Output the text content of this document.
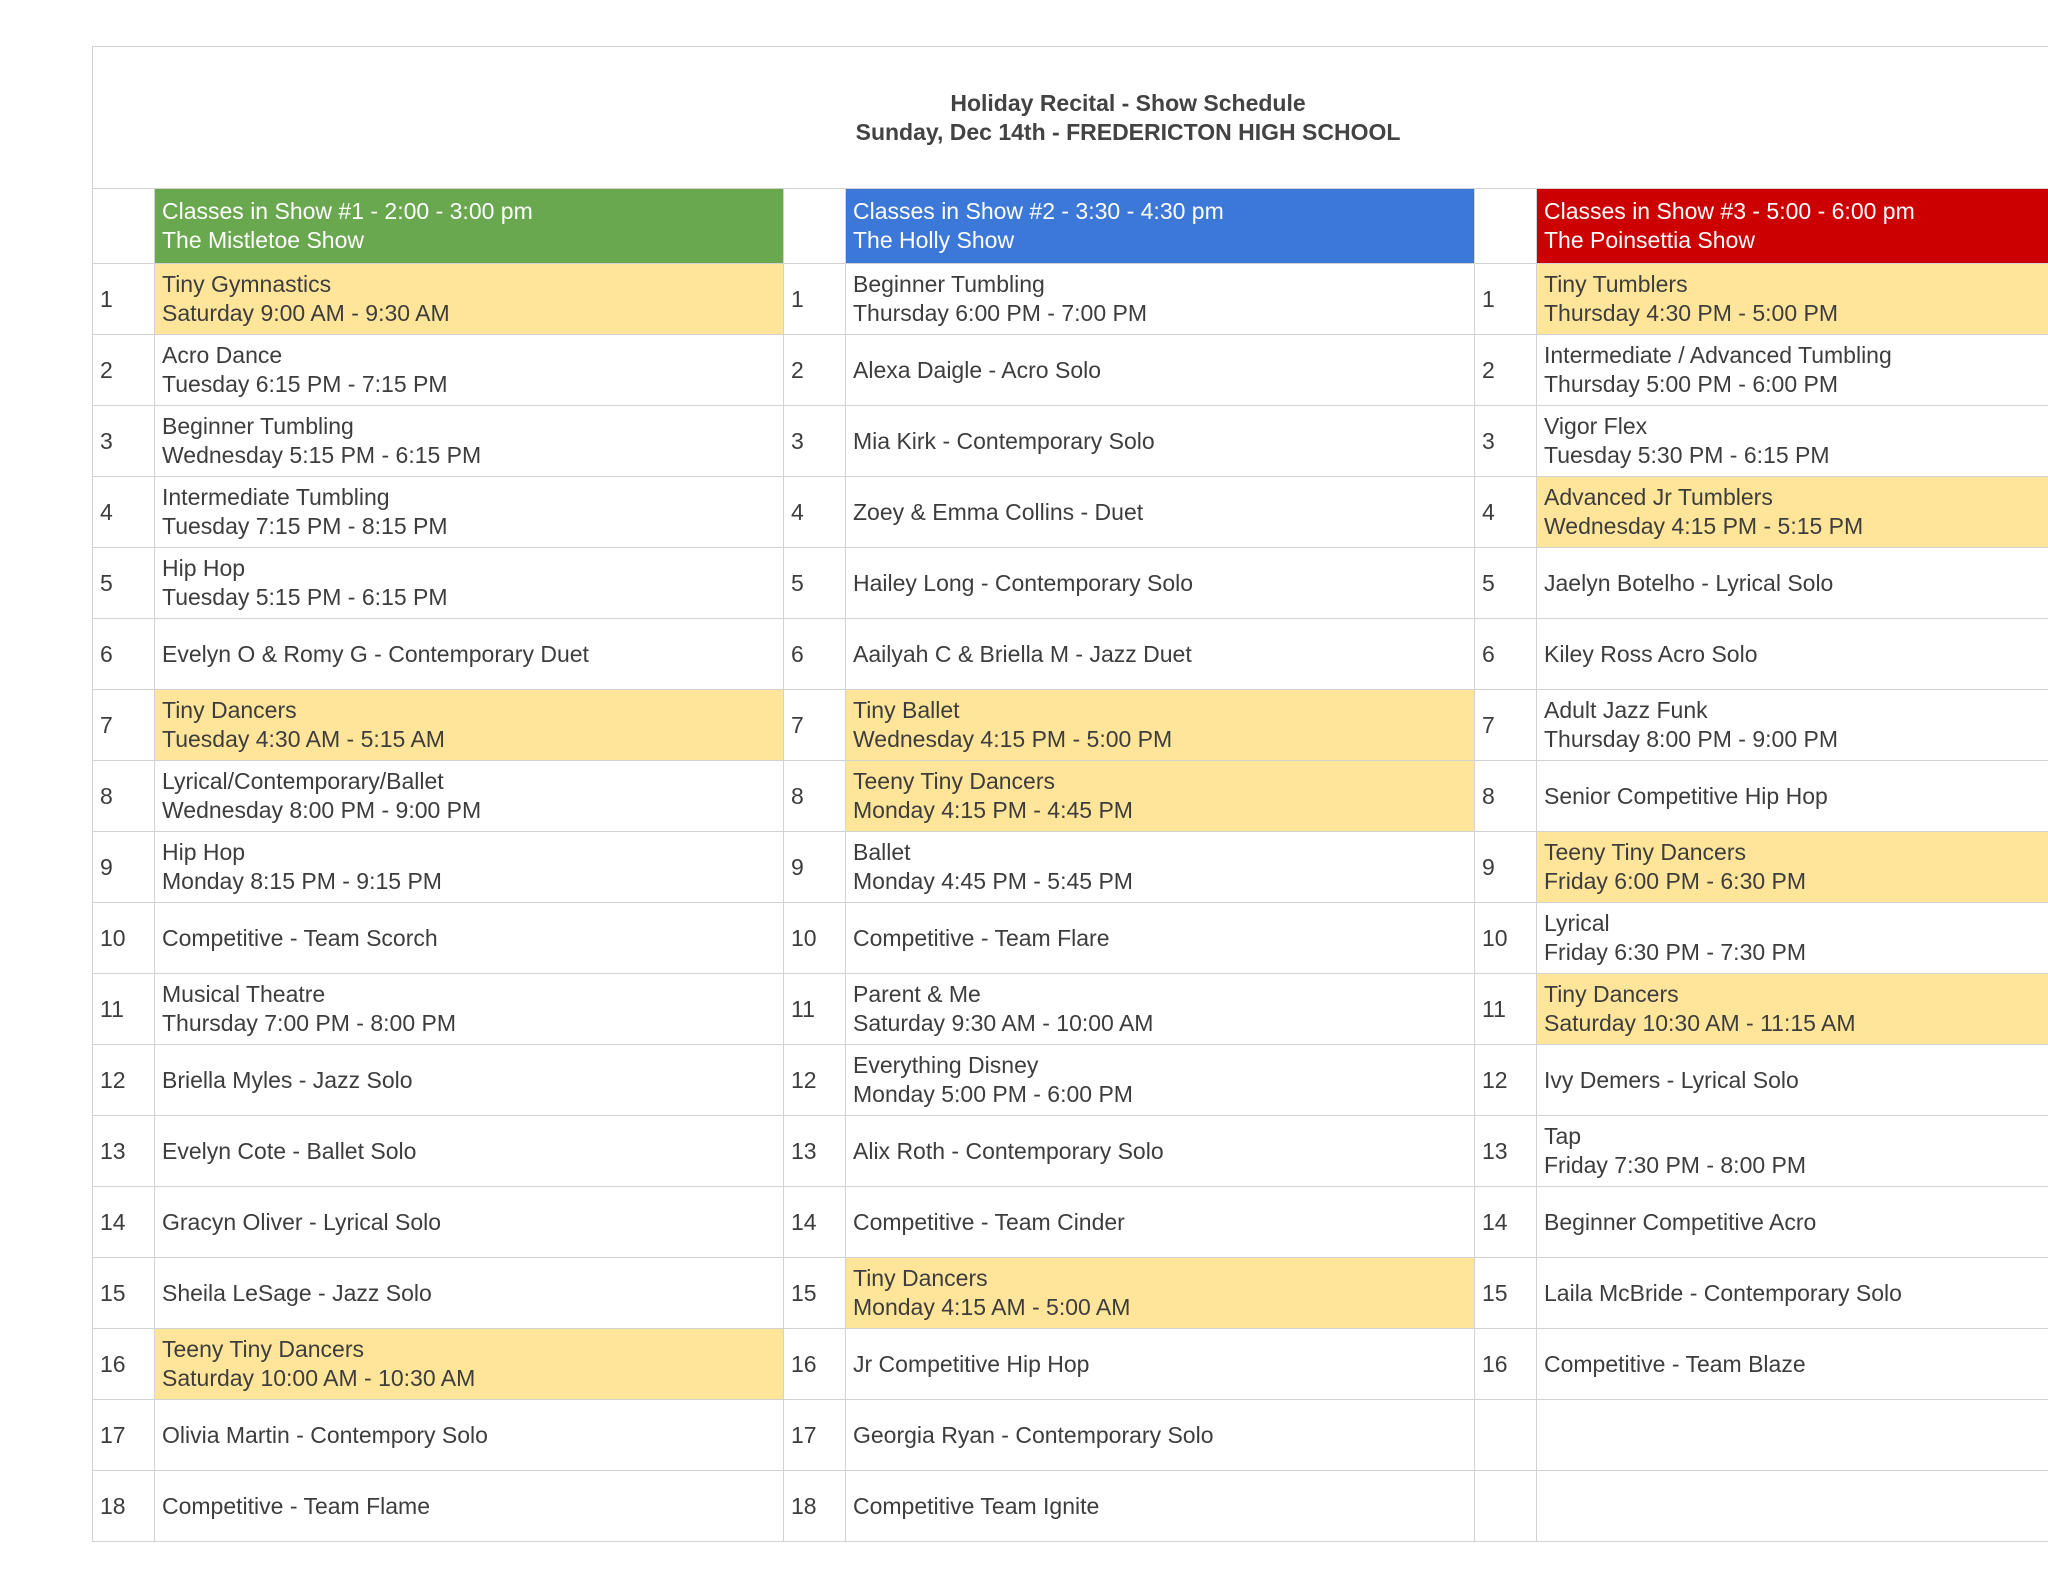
Holiday Recital - Show Schedule
Sunday, Dec 14th - FREDERICTON HIGH SCHOOL					

	Classes in Show #1 - 2:00 - 3:00 pm
The Mistletoe Show		Classes in Show #2 - 3:30 - 4:30 pm
The Holly Show		Classes in Show #3 - 5:00 - 6:00 pm
The Poinsettia Show

1	Tiny Gymnastics
Saturday 9:00 AM - 9:30 AM	1	Beginner Tumbling
Thursday 6:00 PM - 7:00 PM	1	Tiny Tumblers
Thursday 4:30 PM - 5:00 PM

2	Acro Dance
Tuesday 6:15 PM - 7:15 PM	2	Alexa Daigle - Acro Solo	2	Intermediate / Advanced Tumbling
Thursday 5:00 PM - 6:00 PM

3	Beginner Tumbling
Wednesday 5:15 PM - 6:15 PM	3	Mia Kirk - Contemporary Solo	3	Vigor Flex
Tuesday 5:30 PM - 6:15 PM

4	Intermediate Tumbling
Tuesday 7:15 PM - 8:15 PM	4	Zoey & Emma Collins - Duet	4	Advanced Jr Tumblers
Wednesday 4:15 PM - 5:15 PM

5	Hip Hop
Tuesday 5:15 PM - 6:15 PM	5	Hailey Long - Contemporary Solo	5	Jaelyn Botelho - Lyrical Solo

6	Evelyn O & Romy G - Contemporary Duet	6	Aailyah C & Briella M - Jazz Duet	6	Kiley Ross Acro Solo

7	Tiny Dancers
Tuesday 4:30 AM - 5:15 AM	7	Tiny Ballet
Wednesday 4:15 PM - 5:00 PM	7	Adult Jazz Funk
Thursday 8:00 PM - 9:00 PM

8	Lyrical/Contemporary/Ballet
Wednesday 8:00 PM - 9:00 PM	8	Teeny Tiny Dancers
Monday 4:15 PM - 4:45 PM	8	Senior Competitive Hip Hop

9	Hip Hop
Monday 8:15 PM - 9:15 PM	9	Ballet
Monday 4:45 PM - 5:45 PM	9	Teeny Tiny Dancers
Friday 6:00 PM - 6:30 PM

10	Competitive - Team Scorch	10	Competitive - Team Flare	10	Lyrical
Friday 6:30 PM - 7:30 PM

11	Musical Theatre
Thursday 7:00 PM - 8:00 PM	11	Parent & Me
Saturday 9:30 AM - 10:00 AM	11	Tiny Dancers
Saturday 10:30 AM - 11:15 AM

12	Briella Myles - Jazz Solo	12	Everything Disney
Monday 5:00 PM - 6:00 PM	12	Ivy Demers - Lyrical Solo

13	Evelyn Cote - Ballet Solo	13	Alix Roth - Contemporary Solo	13	Tap
Friday 7:30 PM - 8:00 PM

14	Gracyn Oliver - Lyrical Solo	14	Competitive - Team Cinder	14	Beginner Competitive Acro

15	Sheila LeSage - Jazz Solo	15	Tiny Dancers
Monday 4:15 AM - 5:00 AM	15	Laila McBride - Contemporary Solo

16	Teeny Tiny Dancers
Saturday 10:00 AM - 10:30 AM	16	Jr Competitive Hip Hop	16	Competitive - Team Blaze

17	Olivia Martin - Contempory Solo	17	Georgia Ryan - Contemporary Solo		

18	Competitive - Team Flame	18	Competitive Team Ignite		
